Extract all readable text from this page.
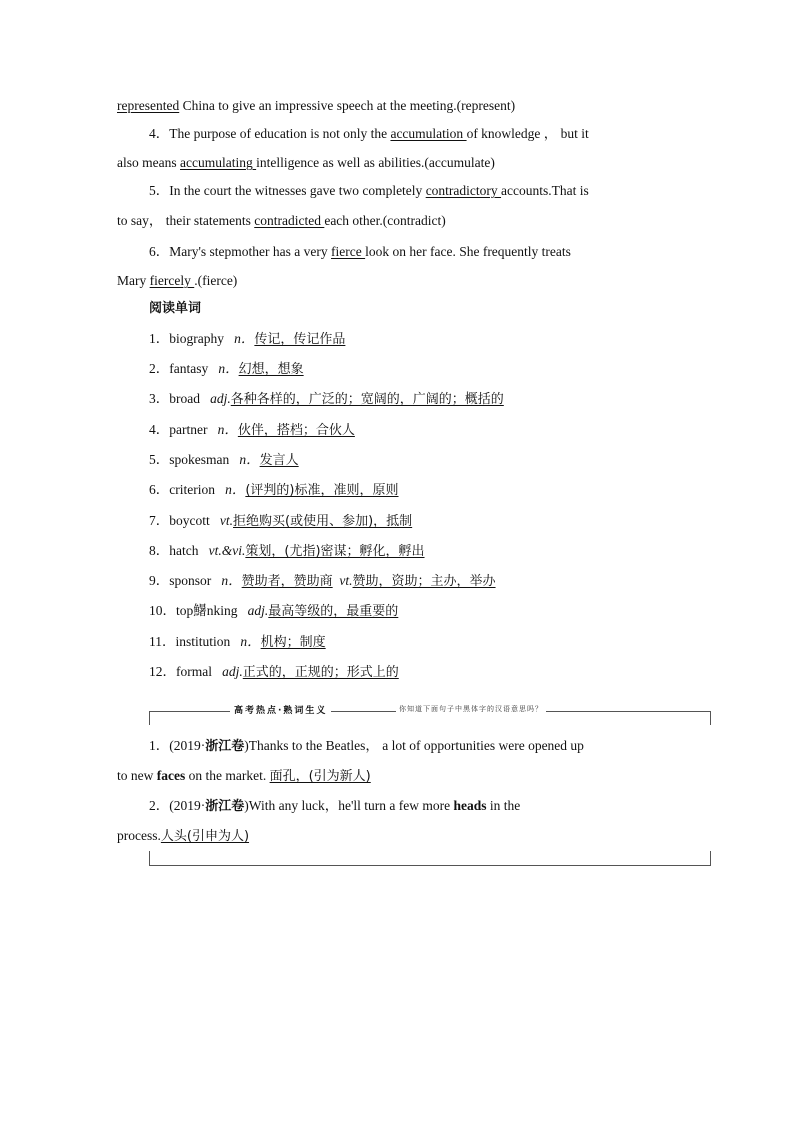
represented China to give an impressive speech at the meeting.(represent)
4．The purpose of education is not only the accumulation of knowledge ， but it
also means accumulating intelligence as well as abilities.(accumulate)
5．In the court the witnesses gave two completely contradictory accounts.That is
to say， their statements contradicted each other.(contradict)
6．Mary's stepmother has a very fierce look on her face. She frequently treats
Mary fiercely .(fierce)
阅读单词
1．biography n．传记，传记作品
2．fantasy n．幻想，想象
3．broad adj.各种各样的，广泛的；宽阔的，广阔的；概括的
4．partner n．伙伴，搭档；合伙人
5．spokesman n．发言人
6．criterion n．(评判的)标准，准则，原则
7．boycott vt.拒绝购买(或使用、参加)，抵制
8．hatch vt.&vi.策划，(尤指)密谋；孵化，孵出
9．sponsor n．赞助者，赞助商 vt.赞助，资助；主办，举办
10．top鱪nking adj.最高等级的，最重要的
11．institution n．机构；制度
12．formal adj.正式的，正规的；形式上的
高考热点·熟词生义	你知道下面句子中黑体字的汉语意思吗？
1．(2019·浙江卷)Thanks to the Beatles， a lot of opportunities were opened up
to new faces on the market. 面孔，(引为新人)
2．(2019·浙江卷)With any luck，he'll turn a few more heads in the
process.人头(引申为人)
